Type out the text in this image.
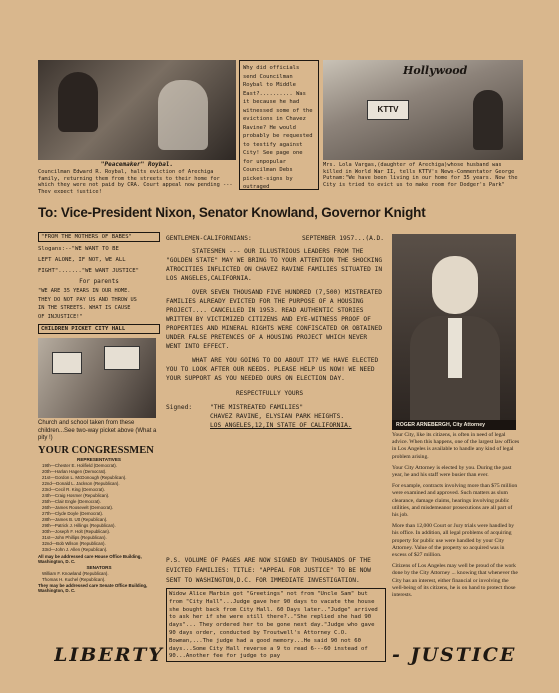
"Peacemaker" Roybal.
Councilman Edward R. Roybal, halts eviction of Arechiga family, returning them from the streets to their home for which they were not paid by CRA. Court appeal now pending --- They expect justice!
Why did officials send Councilman Roybal to Middle East?.......... Was it because he had witnessed some of the evictions in Chavez Ravine? He would probably be requested to testify against City! See page one for unpopular Councilman Debs picket-signs by outraged
KTTV
Hollywood
Mrs. Lola Vargas,(daughter of Arechiga)whose husband was killed in World War II, tells KTTV's News-Commentator George Putnam:"We have been living in our home for 35 years. Now the City is tried to evict us to make room for Dodger's Park"
To: Vice-President Nixon, Senator Knowland, Governor Knight
"FROM THE MOTHERS OF BABES"
Slogans:--"WE WANT TO BE
LEFT ALONE, IF NOT, WE ALL
FIGHT"......."WE WANT JUSTICE"
For parents
"WE ARE 35 YEARS IN OUR HOME.
THEY DO NOT PAY US AND THROW US
IN THE STREETS. WHAT IS CAUSE
OF INJUSTICE!"
CHILDREN PICKET CITY HALL
Church and school taken from these children...See two-way picket above (What a pity !)
YOUR CONGRESSMEN
REPRESENTATIVES
19th—Chester E. Holifield (Democrat).
20th—Harlan Hagen (Democrat).
21st—Gordon L. McDonough (Republican).
22nd—Donald L. Jackson (Republican).
23rd—Cecil R. King (Democrat).
24th—Craig Hosmer (Republican).
25th—Clair Engle (Democrat).
26th—James Roosevelt (Democrat).
27th—Clyde Doyle (Democrat).
28th—James B. Utt (Republican).
29th—Patrick J. Hillings (Republican).
30th—Joseph F. Holt (Republican).
31st—John Phillips (Republican).
32nd—Bob Wilson (Republican).
33rd—John J. Allen (Republican).
All may be addressed care House Office Building, Washington, D. C.
SENATORS
William F. Knowland (Republican).
Thomas H. Kuchel (Republican).
They may be addressed care Senate Office Building, Washington, D. C.
GENTLEMEN-CALIFORNIANS:	SEPTEMBER 1957...(A.D.

STATESMEN --- OUR ILLUSTRIOUS LEADERS FROM THE "GOLDEN STATE" MAY WE BRING TO YOUR ATTENTION THE SHOCKING ATROCITIES INFLICTED ON CHAVEZ RAVINE FAMILIES SITUATED IN LOS ANGELES,CALIFORNIA.

OVER SEVEN THOUSAND FIVE HUNDRED (7,500) MISTREATED FAMILIES ALREADY EVICTED FOR THE PURPOSE OF A HOUSING PROJECT.... CANCELLED IN 1953. READ AUTHENTIC STORIES WRITTEN BY VICTIMIZED CITIZENS AND EYE-WITNESS PROOF OF PROPERTIES AND MINERAL RIGHTS WERE CONFISCATED OR OBTAINED UNDER FALSE PRETENCES OF A HOUSING PROJECT WHICH NEVER WENT INTO EFFECT.

WHAT ARE YOU GOING TO DO ABOUT IT? WE HAVE ELECTED YOU TO LOOK AFTER OUR NEEDS. PLEASE HELP US NOW! WE NEED YOUR SUPPORT AS YOU NEEDED OURS ON ELECTION DAY.

RESPECTFULLY YOURS

Signed:	"THE MISTREATED FAMILIES"
CHAVEZ RAVINE, ELYSIAN PARK HEIGHTS.
LOS ANGELES,12,IN STATE OF CALIFORNIA.
P.S. VOLUME OF PAGES ARE NOW SIGNED BY THOUSANDS OF THE EVICTED FAMILIES: TITLE: "APPEAL FOR JUSTICE" TO BE NOW SENT TO WASHINGTON,D.C. FOR IMMEDIATE INVESTIGATION.
Widow Alice Marbin got "Greetings" not from "Uncle Sam" but from "City Hall"...Judge gave her 90 days to vacate the house she bought back from City Hall. 60 Days later.."Judge" arrived to ask her if she were still there?.."She replied she had 90 days"... They ordered her to be gone next day."Judge who gave 90 days order, conducted by Troutwell's Attorney C.O. Bowman,...The judge had a good memory...He said 90 not 60 days...Some City Hall reverse a 9 to read 6---60 instead of 90...Another fee for judge to pay
ROGER ARNEBERGH, City Attorney

Your City, like its citizens, is often in need of legal advice. When this happens, one of the largest law offices in Los Angeles is available to handle any kind of legal problem arising.

Your City Attorney is elected by you. During the past year, he and his staff were busier than ever.

For example, contracts involving more than $75 million were examined and approved. Such matters as slum clearance, damage claims, hearings involving public utilities, and misdemeanor prosecutions are all part of his job.

More than 12,000 Court or Jury trials were handled by his office. In addition, all legal problems of acquiring property for public use were handled by your City Attorney. Value of the property so acquired was in excess of $27 million.

Citizens of Los Angeles may well be proud of the work done by the City Attorney ... knowing that whenever the City has an interest, either financial or involving the well-being of its citizens, he is on hand to protect those interests.

LIBERTY	- JUSTICE
